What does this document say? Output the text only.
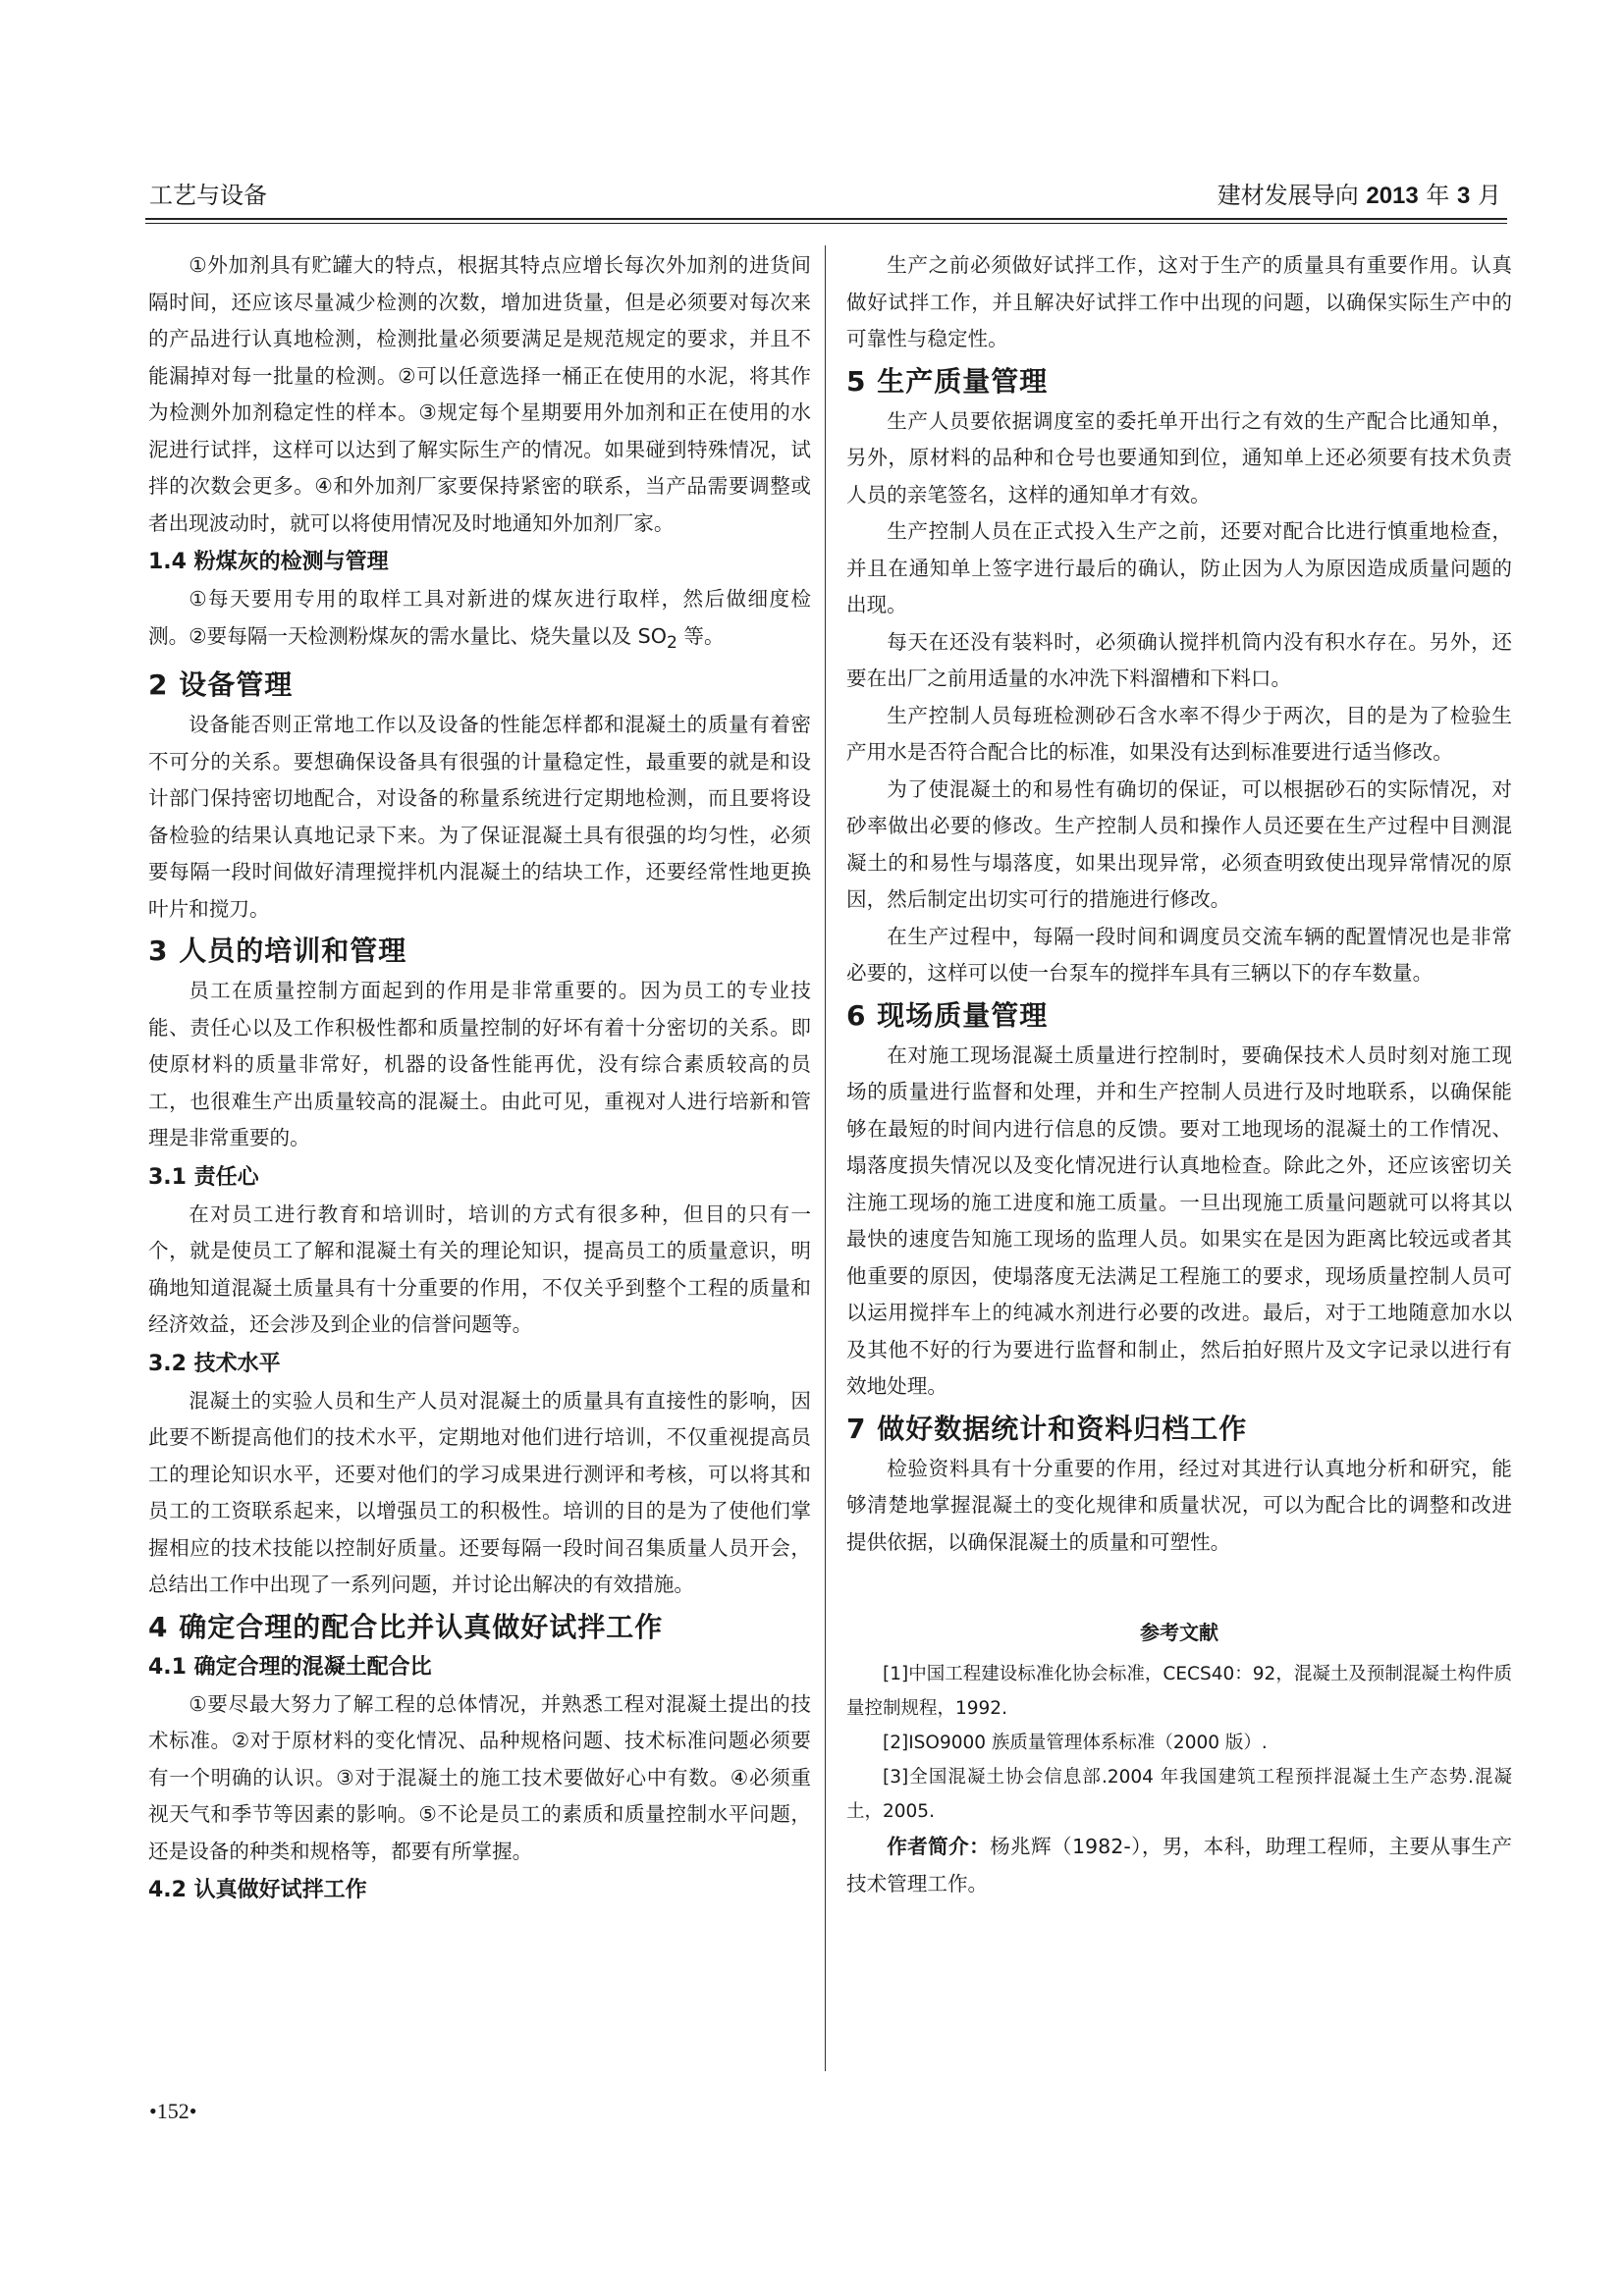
工艺与设备	建材发展导向 2013 年 3 月

①外加剂具有贮罐大的特点，根据其特点应增长每次外加剂的进货间隔时间，还应该尽量减少检测的次数，增加进货量，但是必须要对每次来的产品进行认真地检测，检测批量必须要满足是规范规定的要求，并且不能漏掉对每一批量的检测。②可以任意选择一桶正在使用的水泥，将其作为检测外加剂稳定性的样本。③规定每个星期要用外加剂和正在使用的水泥进行试拌，这样可以达到了解实际生产的情况。如果碰到特殊情况，试拌的次数会更多。④和外加剂厂家要保持紧密的联系，当产品需要调整或者出现波动时，就可以将使用情况及时地通知外加剂厂家。

1.4 粉煤灰的检测与管理

①每天要用专用的取样工具对新进的煤灰进行取样，然后做细度检测。②要每隔一天检测粉煤灰的需水量比、烧失量以及 $SO_2$ 等。

2 设备管理

设备能否则正常地工作以及设备的性能怎样都和混凝土的质量有着密不可分的关系。要想确保设备具有很强的计量稳定性，最重要的就是和设计部门保持密切地配合，对设备的称量系统进行定期地检测，而且要将设备检验的结果认真地记录下来。为了保证混凝土具有很强的均匀性，必须要每隔一段时间做好清理搅拌机内混凝土的结块工作，还要经常性地更换叶片和搅刀。

3 人员的培训和管理

员工在质量控制方面起到的作用是非常重要的。因为员工的专业技能、责任心以及工作积极性都和质量控制的好坏有着十分密切的关系。即使原材料的质量非常好，机器的设备性能再优，没有综合素质较高的员工，也很难生产出质量较高的混凝土。由此可见，重视对人进行培新和管理是非常重要的。

3.1 责任心

在对员工进行教育和培训时，培训的方式有很多种，但目的只有一个，就是使员工了解和混凝土有关的理论知识，提高员工的质量意识，明确地知道混凝土质量具有十分重要的作用，不仅关乎到整个工程的质量和经济效益，还会涉及到企业的信誉问题等。

3.2 技术水平

混凝土的实验人员和生产人员对混凝土的质量具有直接性的影响，因此要不断提高他们的技术水平，定期地对他们进行培训，不仅重视提高员工的理论知识水平，还要对他们的学习成果进行测评和考核，可以将其和员工的工资联系起来，以增强员工的积极性。培训的目的是为了使他们掌握相应的技术技能以控制好质量。还要每隔一段时间召集质量人员开会，总结出工作中出现了一系列问题，并讨论出解决的有效措施。

4 确定合理的配合比并认真做好试拌工作
4.1 确定合理的混凝土配合比

①要尽最大努力了解工程的总体情况，并熟悉工程对混凝土提出的技术标准。②对于原材料的变化情况、品种规格问题、技术标准问题必须要有一个明确的认识。③对于混凝土的施工技术要做好心中有数。④必须重视天气和季节等因素的影响。⑤不论是员工的素质和质量控制水平问题，还是设备的种类和规格等，都要有所掌握。

4.2 认真做好试拌工作

生产之前必须做好试拌工作，这对于生产的质量具有重要作用。认真做好试拌工作，并且解决好试拌工作中出现的问题，以确保实际生产中的可靠性与稳定性。

5 生产质量管理

生产人员要依据调度室的委托单开出行之有效的生产配合比通知单，另外，原材料的品种和仓号也要通知到位，通知单上还必须要有技术负责人员的亲笔签名，这样的通知单才有效。

生产控制人员在正式投入生产之前，还要对配合比进行慎重地检查，并且在通知单上签字进行最后的确认，防止因为人为原因造成质量问题的出现。

每天在还没有装料时，必须确认搅拌机筒内没有积水存在。另外，还要在出厂之前用适量的水冲洗下料溜槽和下料口。

生产控制人员每班检测砂石含水率不得少于两次，目的是为了检验生产用水是否符合配合比的标准，如果没有达到标准要进行适当修改。

为了使混凝土的和易性有确切的保证，可以根据砂石的实际情况，对砂率做出必要的修改。生产控制人员和操作人员还要在生产过程中目测混凝土的和易性与塌落度，如果出现异常，必须查明致使出现异常情况的原因，然后制定出切实可行的措施进行修改。

在生产过程中，每隔一段时间和调度员交流车辆的配置情况也是非常必要的，这样可以使一台泵车的搅拌车具有三辆以下的存车数量。

6 现场质量管理

在对施工现场混凝土质量进行控制时，要确保技术人员时刻对施工现场的质量进行监督和处理，并和生产控制人员进行及时地联系，以确保能够在最短的时间内进行信息的反馈。要对工地现场的混凝土的工作情况、塌落度损失情况以及变化情况进行认真地检查。除此之外，还应该密切关注施工现场的施工进度和施工质量。一旦出现施工质量问题就可以将其以最快的速度告知施工现场的监理人员。如果实在是因为距离比较远或者其他重要的原因，使塌落度无法满足工程施工的要求，现场质量控制人员可以运用搅拌车上的纯减水剂进行必要的改进。最后，对于工地随意加水以及其他不好的行为要进行监督和制止，然后拍好照片及文字记录以进行有效地处理。

7 做好数据统计和资料归档工作

检验资料具有十分重要的作用，经过对其进行认真地分析和研究，能够清楚地掌握混凝土的变化规律和质量状况，可以为配合比的调整和改进提供依据，以确保混凝土的质量和可塑性。

参考文献

[1]中国工程建设标准化协会标准，CECS40：92，混凝土及预制混凝土构件质量控制规程，1992.

[2]ISO9000 族质量管理体系标准（2000 版）.

[3]全国混凝土协会信息部.2004 年我国建筑工程预拌混凝土生产态势.混凝土，2005.

作者简介：杨兆辉（1982-），男，本科，助理工程师，主要从事生产技术管理工作。

•152•
